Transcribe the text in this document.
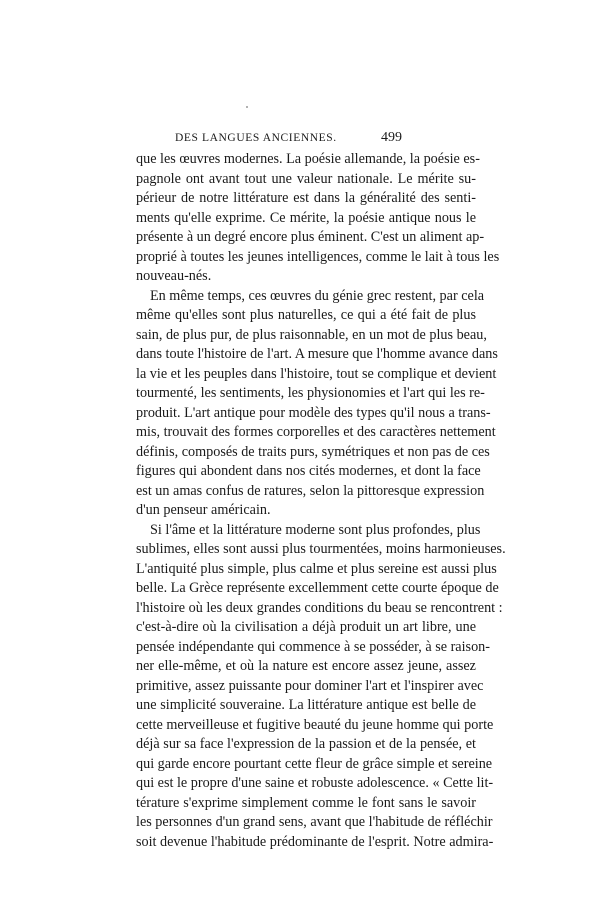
DES LANGUES ANCIENNES.	499

que les œuvres modernes. La poésie allemande, la poésie es-
pagnole ont avant tout une valeur nationale. Le mérite su-
périeur de notre littérature est dans la généralité des senti-
ments qu'elle exprime. Ce mérite, la poésie antique nous le
présente à un degré encore plus éminent. C'est un aliment ap-
proprié à toutes les jeunes intelligences, comme le lait à tous les
nouveau-nés.

En même temps, ces œuvres du génie grec restent, par cela
même qu'elles sont plus naturelles, ce qui a été fait de plus
sain, de plus pur, de plus raisonnable, en un mot de plus beau,
dans toute l'histoire de l'art. A mesure que l'homme avance dans
la vie et les peuples dans l'histoire, tout se complique et devient
tourmenté, les sentiments, les physionomies et l'art qui les re-
produit. L'art antique pour modèle des types qu'il nous a trans-
mis, trouvait des formes corporelles et des caractères nettement
définis, composés de traits purs, symétriques et non pas de ces
figures qui abondent dans nos cités modernes, et dont la face
est un amas confus de ratures, selon la pittoresque expression
d'un penseur américain.

Si l'âme et la littérature moderne sont plus profondes, plus
sublimes, elles sont aussi plus tourmentées, moins harmonieuses.
L'antiquité plus simple, plus calme et plus sereine est aussi plus
belle. La Grèce représente excellemment cette courte époque de
l'histoire où les deux grandes conditions du beau se rencontrent :
c'est-à-dire où la civilisation a déjà produit un art libre, une
pensée indépendante qui commence à se posséder, à se raison-
ner elle-même, et où la nature est encore assez jeune, assez
primitive, assez puissante pour dominer l'art et l'inspirer avec
une simplicité souveraine. La littérature antique est belle de
cette merveilleuse et fugitive beauté du jeune homme qui porte
déjà sur sa face l'expression de la passion et de la pensée, et
qui garde encore pourtant cette fleur de grâce simple et sereine
qui est le propre d'une saine et robuste adolescence. « Cette lit-
térature s'exprime simplement comme le font sans le savoir
les personnes d'un grand sens, avant que l'habitude de réfléchir
soit devenue l'habitude prédominante de l'esprit. Notre admira-
